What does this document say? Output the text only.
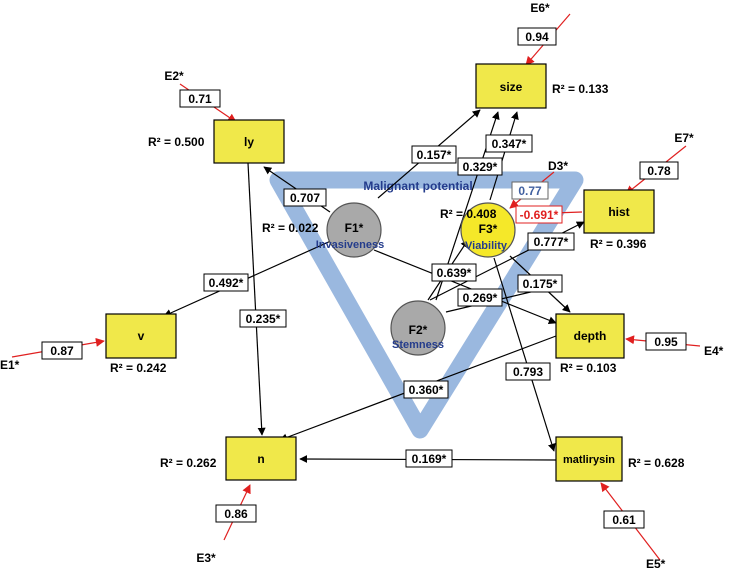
Malignant potential
size R² = 0.133
ly
R² = 0.500
hist
R² = 0.396
v
R² = 0.242
depth
R² = 0.103
n
R² = 0.262	matlirysin R² = 0.628
F1*
Invasiveness
R² = 0.022
F2*
Stemness
F3*
Viability
R² = 0.408
D3*
0.77
E6*
0.94
E2*
0.71
E7*
0.78
E1*
0.87	E4*
0.95
0.86
E3*
0.61
E5*
0.707
0.157*
0.329*
0.347*
-0.691*
0.777*
0.492*
0.639*
0.175*
0.269*
0.235*
0.793
0.360*
0.169*
